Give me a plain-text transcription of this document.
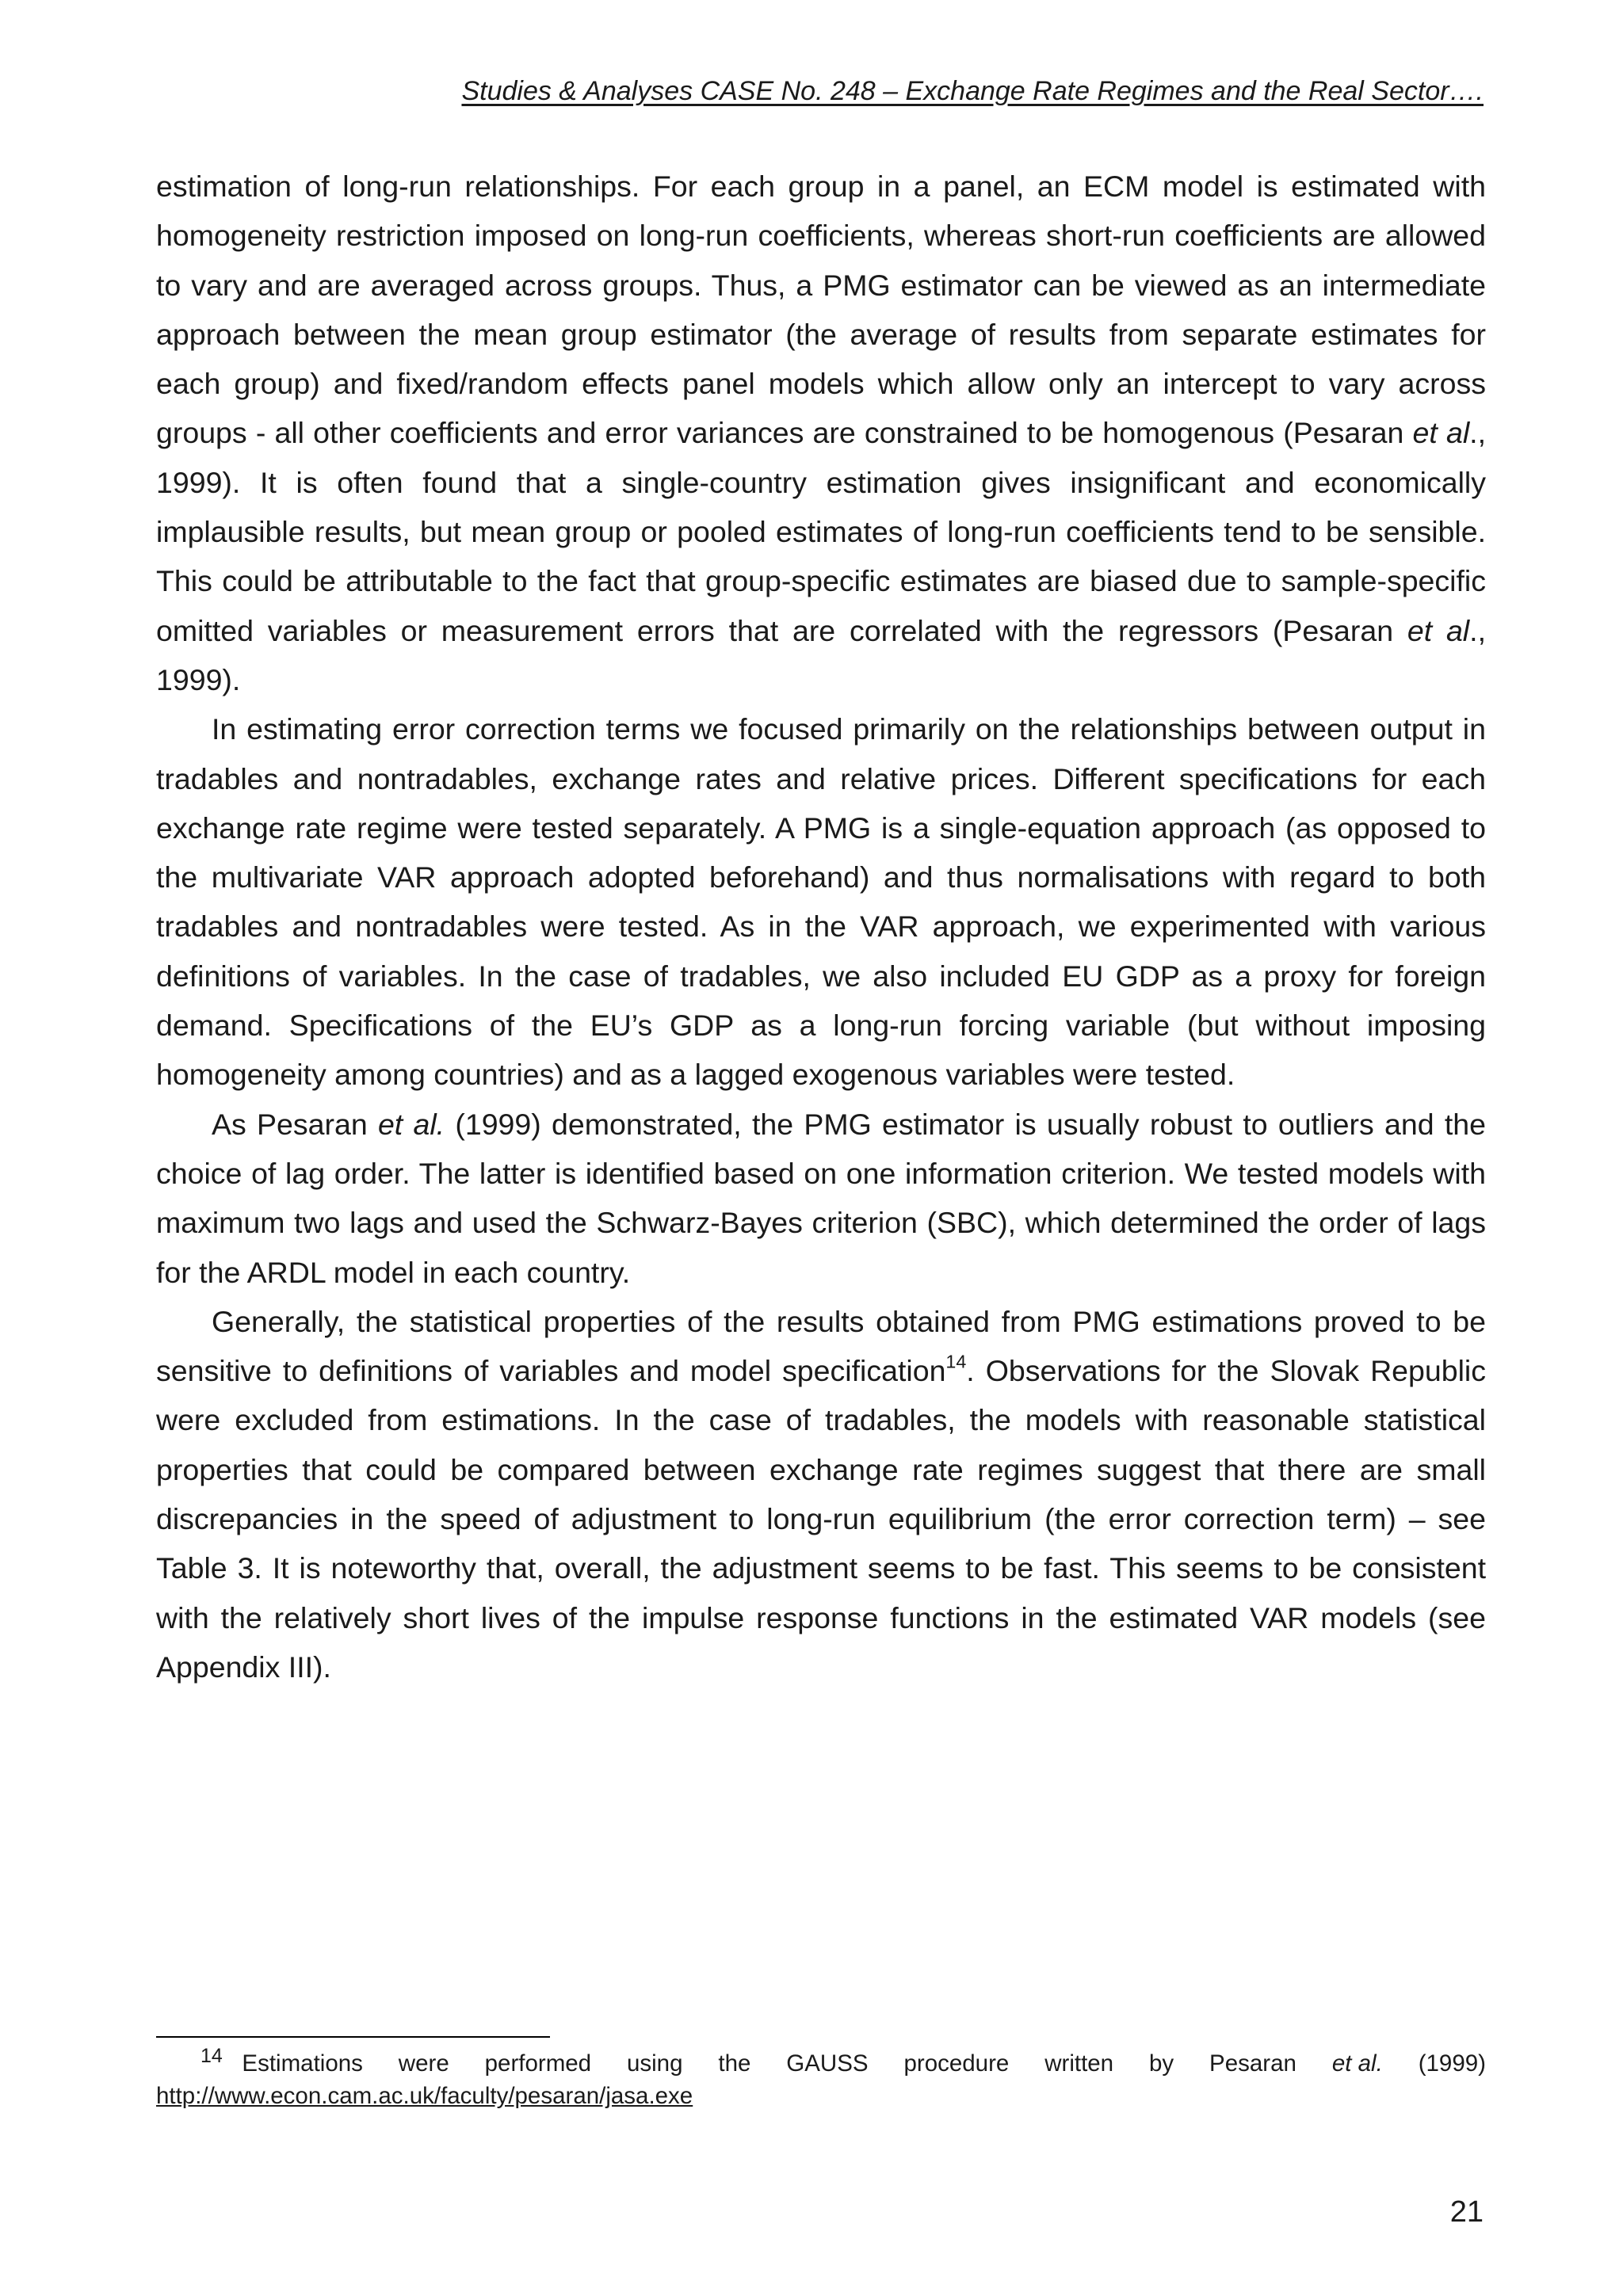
Studies & Analyses CASE No. 248 – Exchange Rate Regimes and the Real Sector….

estimation of long-run relationships. For each group in a panel, an ECM model is estimated with homogeneity restriction imposed on long-run coefficients, whereas short-run coefficients are allowed to vary and are averaged across groups. Thus, a PMG estimator can be viewed as an intermediate approach between the mean group estimator (the average of results from separate estimates for each group) and fixed/random effects panel models which allow only an intercept to vary across groups - all other coefficients and error variances are constrained to be homogenous (Pesaran et al., 1999). It is often found that a single-country estimation gives insignificant and economically implausible results, but mean group or pooled estimates of long-run coefficients tend to be sensible. This could be attributable to the fact that group-specific estimates are biased due to sample-specific omitted variables or measurement errors that are correlated with the regressors (Pesaran et al., 1999).

In estimating error correction terms we focused primarily on the relationships between output in tradables and nontradables, exchange rates and relative prices. Different specifications for each exchange rate regime were tested separately. A PMG is a single-equation approach (as opposed to the multivariate VAR approach adopted beforehand) and thus normalisations with regard to both tradables and nontradables were tested. As in the VAR approach, we experimented with various definitions of variables. In the case of tradables, we also included EU GDP as a proxy for foreign demand. Specifications of the EU’s GDP as a long-run forcing variable (but without imposing homogeneity among countries) and as a lagged exogenous variables were tested.

As Pesaran et al. (1999) demonstrated, the PMG estimator is usually robust to outliers and the choice of lag order. The latter is identified based on one information criterion. We tested models with maximum two lags and used the Schwarz-Bayes criterion (SBC), which determined the order of lags for the ARDL model in each country.

Generally, the statistical properties of the results obtained from PMG estimations proved to be sensitive to definitions of variables and model specification$^{14}$. Observations for the Slovak Republic were excluded from estimations. In the case of tradables, the models with reasonable statistical properties that could be compared between exchange rate regimes suggest that there are small discrepancies in the speed of adjustment to long-run equilibrium (the error correction term) – see Table 3. It is noteworthy that, overall, the adjustment seems to be fast. This seems to be consistent with the relatively short lives of the impulse response functions in the estimated VAR models (see Appendix III).

$^{14}$ Estimations were performed using the GAUSS procedure written by Pesaran et al. (1999)
http://www.econ.cam.ac.uk/faculty/pesaran/jasa.exe
21
